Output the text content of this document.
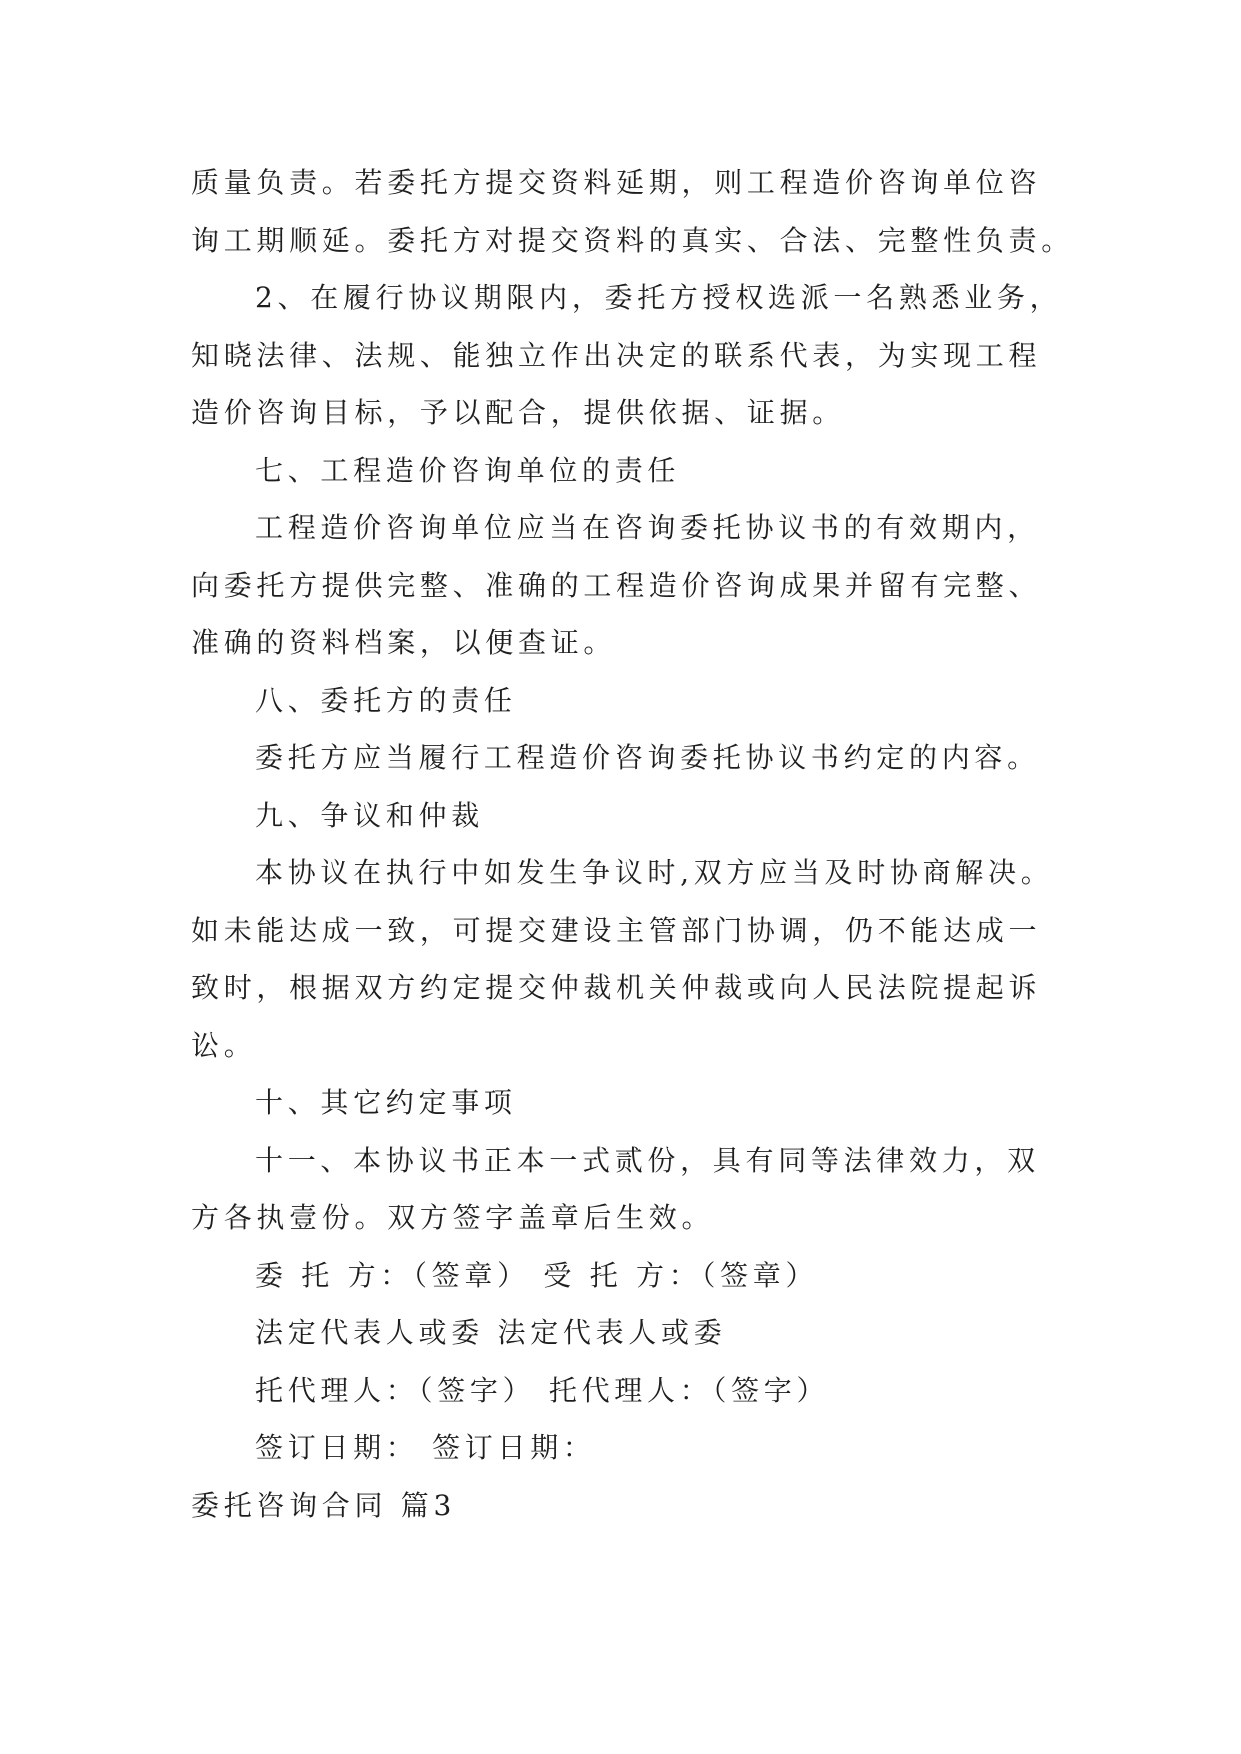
质量负责。若委托方提交资料延期，则工程造价咨询单位咨
询工期顺延。委托方对提交资料的真实、合法、完整性负责。
2、在履行协议期限内，委托方授权选派一名熟悉业务，
知晓法律、法规、能独立作出决定的联系代表，为实现工程
造价咨询目标，予以配合，提供依据、证据。
七、工程造价咨询单位的责任
工程造价咨询单位应当在咨询委托协议书的有效期内，
向委托方提供完整、准确的工程造价咨询成果并留有完整、
准确的资料档案，以便查证。
八、委托方的责任
委托方应当履行工程造价咨询委托协议书约定的内容。
九、争议和仲裁
本协议在执行中如发生争议时,双方应当及时协商解决。
如未能达成一致，可提交建设主管部门协调，仍不能达成一
致时，根据双方约定提交仲裁机关仲裁或向人民法院提起诉
讼。
十、其它约定事项
十一、本协议书正本一式贰份，具有同等法律效力，双
方各执壹份。双方签字盖章后生效。
委 托 方：（签章） 受 托 方：（签章）
法定代表人或委 法定代表人或委
托代理人：（签字） 托代理人：（签字）
签订日期： 签订日期：
委托咨询合同 篇3
